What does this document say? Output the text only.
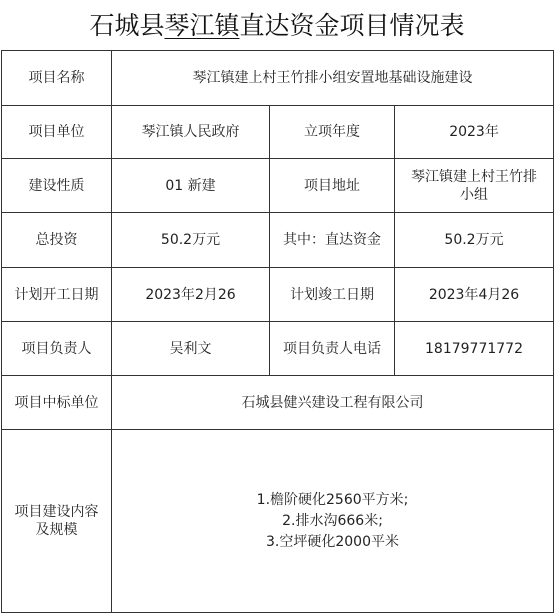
石城县琴江镇直达资金项目情况表
项目名称	琴江镇建上村王竹排小组安置地基础设施建设		
项目单位	琴江镇人民政府	立项年度	2023年
建设性质	01 新建	项目地址	琴江镇建上村王竹排小组
总投资	50.2万元	其中：直达资金	50.2万元
计划开工日期	2023年2月26	计划竣工日期	2023年4月26
项目负责人	吴利文	项目负责人电话	18179771772
项目中标单位	石城县健兴建设工程有限公司		
项目建设内容及规模	1.檐阶硬化2560平方米;
2.排水沟666米;
3.空坪硬化2000平米		
